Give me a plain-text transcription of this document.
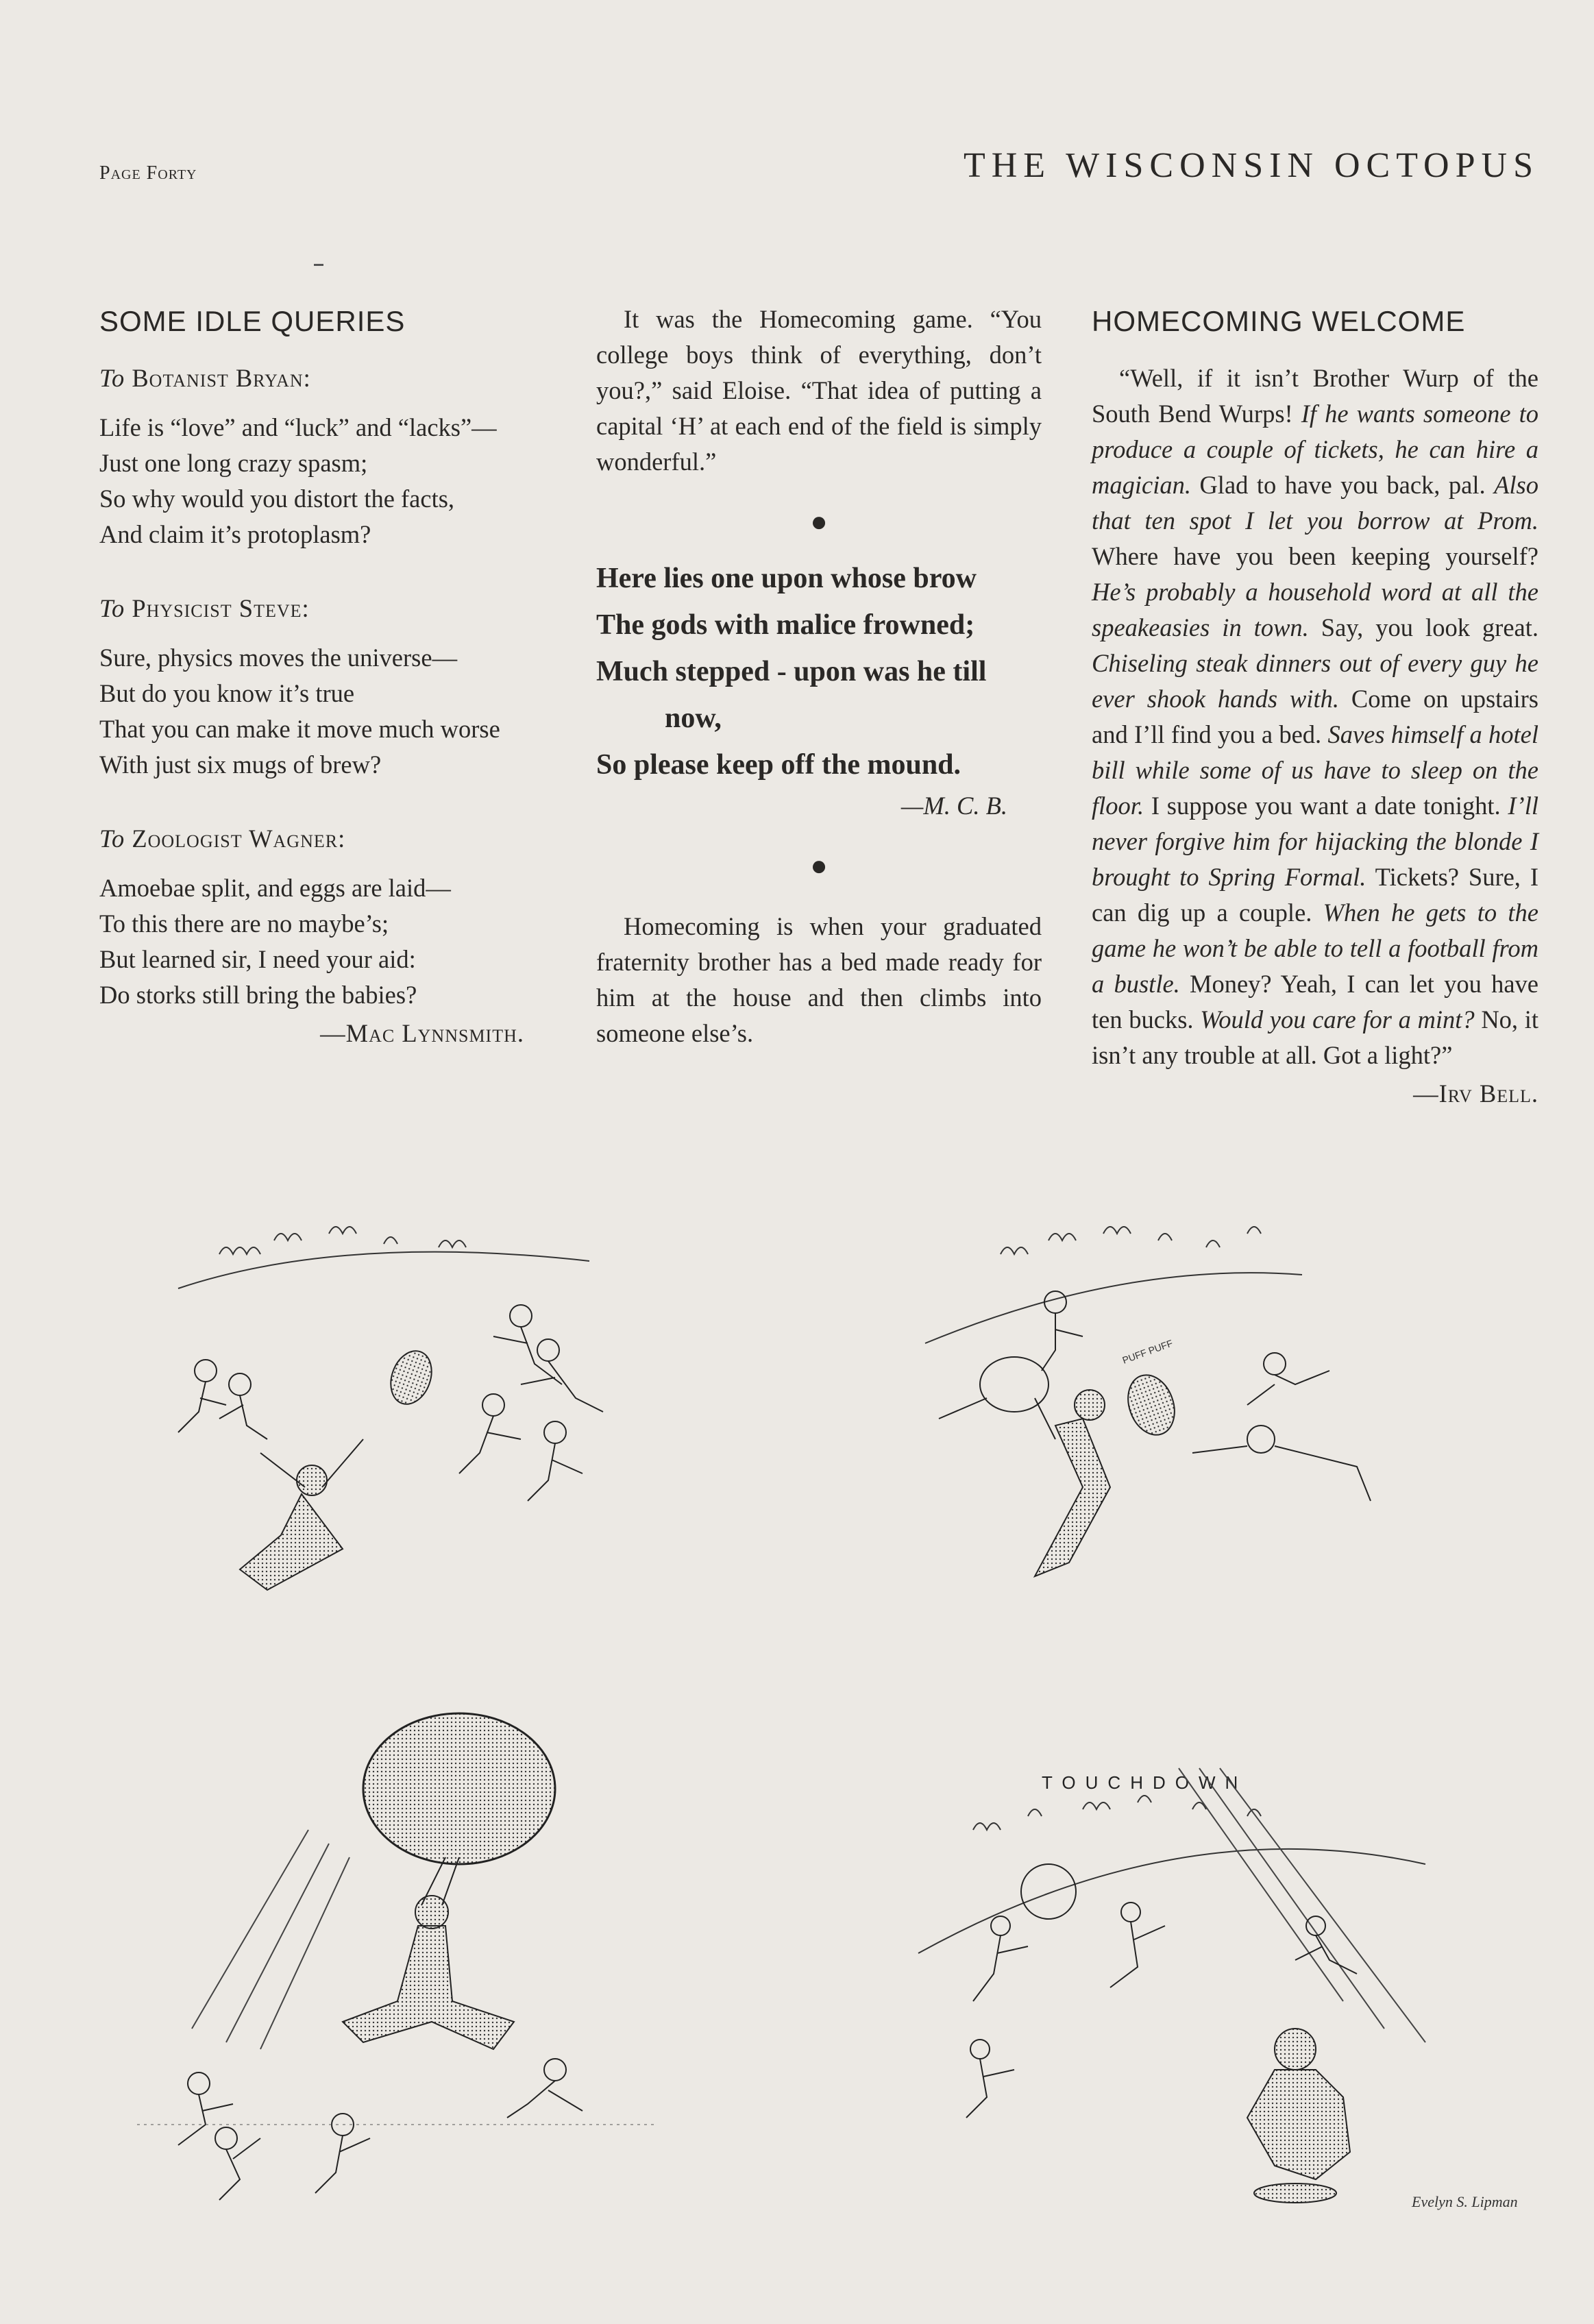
Page Forty	THE WISCONSIN OCTOPUS
SOME IDLE QUERIES
To Botanist Bryan:
Life is “love” and “luck” and “lacks”—
Just one long crazy spasm;
So why would you distort the facts,
And claim it’s protoplasm?
To Physicist Steve:
Sure, physics moves the universe—
But do you know it’s true
That you can make it move much worse
With just six mugs of brew?
To Zoologist Wagner:
Amoebae split, and eggs are laid—
To this there are no maybe’s;
But learned sir, I need your aid:
Do storks still bring the babies?
—Mac Lynnsmith.

It was the Homecoming game. “You college boys think of everything, don’t you?,” said Eloise. “That idea of putting a capital ‘H’ at each end of the field is simply wonderful.”

●
Here lies one upon whose brow
The gods with malice frowned;
Much stepped - upon was he till
now,
So please keep off the mound.
—M. C. B.
●

Homecoming is when your graduated fraternity brother has a bed made ready for him at the house and then climbs into someone else’s.

HOMECOMING WELCOME

“Well, if it isn’t Brother Wurp of the South Bend Wurps! If he wants someone to produce a couple of tickets, he can hire a magician. Glad to have you back, pal. Also that ten spot I let you borrow at Prom. Where have you been keeping yourself? He’s probably a household word at all the speakeasies in town. Say, you look great. Chiseling steak dinners out of every guy he ever shook hands with. Come on upstairs and I’ll find you a bed. Saves himself a hotel bill while some of us have to sleep on the floor. I suppose you want a date tonight. I’ll never forgive him for hijacking the blonde I brought to Spring Formal. Tickets? Sure, I can dig up a couple. When he gets to the game he won’t be able to tell a football from a bustle. Money? Yeah, I can let you have ten bucks. Would you care for a mint? No, it isn’t any trouble at all. Got a light?”

—Irv Bell.
PUFF PUFF
TOUCHDOWN
Evelyn S. Lipman
